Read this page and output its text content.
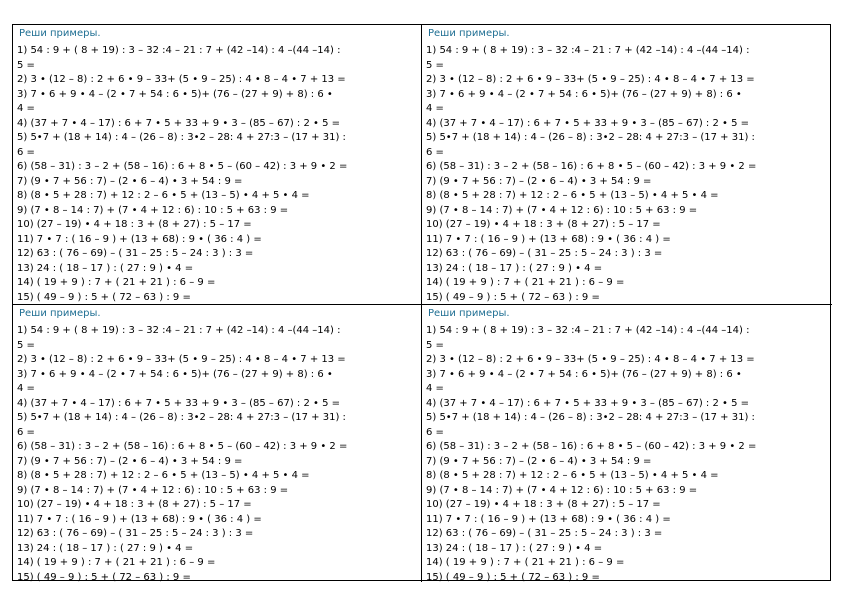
Реши примеры.
1) 54 : 9 + ( 8 + 19) : 3 – 32 :4 – 21 : 7 + (42 –14) : 4 –(44 –14) :
5 =
2) 3 • (12 – 8) : 2 + 6 • 9 – 33+ (5 • 9 – 25) : 4 • 8 – 4 • 7 + 13 =
3) 7 • 6 + 9 • 4 – (2 • 7 + 54 : 6 • 5)+ (76 – (27 + 9) + 8) : 6 •
4 =
4) (37 + 7 • 4 – 17) : 6 + 7 • 5 + 33 + 9 • 3 – (85 – 67) : 2 • 5 =
5) 5•7 + (18 + 14) : 4 – (26 – 8) : 3•2 – 28: 4 + 27:3 – (17 + 31) :
6 =
6) (58 – 31) : 3 – 2 + (58 – 16) : 6 + 8 • 5 – (60 – 42) : 3 + 9 • 2 =
7) (9 • 7 + 56 : 7) – (2 • 6 – 4) • 3 + 54 : 9 =
8) (8 • 5 + 28 : 7) + 12 : 2 – 6 • 5 + (13 – 5) • 4 + 5 • 4 =
9) (7 • 8 – 14 : 7) + (7 • 4 + 12 : 6) : 10 : 5 + 63 : 9 =
10) (27 – 19) • 4 + 18 : 3 + (8 + 27) : 5 – 17 =
11) 7 • 7 : ( 16 – 9 ) + (13 + 68) : 9 • ( 36 : 4 ) =
12) 63 : ( 76 – 69) – ( 31 – 25 : 5 – 24 : 3 ) : 3 =
13) 24 : ( 18 – 17 ) : ( 27 : 9 ) • 4 =
14) ( 19 + 9 ) : 7 + ( 21 + 21 ) : 6 – 9 =
15) ( 49 – 9 ) : 5 + ( 72 – 63 ) : 9 =
Реши примеры.
1) 54 : 9 + ( 8 + 19) : 3 – 32 :4 – 21 : 7 + (42 –14) : 4 –(44 –14) :
5 =
2) 3 • (12 – 8) : 2 + 6 • 9 – 33+ (5 • 9 – 25) : 4 • 8 – 4 • 7 + 13 =
3) 7 • 6 + 9 • 4 – (2 • 7 + 54 : 6 • 5)+ (76 – (27 + 9) + 8) : 6 •
4 =
4) (37 + 7 • 4 – 17) : 6 + 7 • 5 + 33 + 9 • 3 – (85 – 67) : 2 • 5 =
5) 5•7 + (18 + 14) : 4 – (26 – 8) : 3•2 – 28: 4 + 27:3 – (17 + 31) :
6 =
6) (58 – 31) : 3 – 2 + (58 – 16) : 6 + 8 • 5 – (60 – 42) : 3 + 9 • 2 =
7) (9 • 7 + 56 : 7) – (2 • 6 – 4) • 3 + 54 : 9 =
8) (8 • 5 + 28 : 7) + 12 : 2 – 6 • 5 + (13 – 5) • 4 + 5 • 4 =
9) (7 • 8 – 14 : 7) + (7 • 4 + 12 : 6) : 10 : 5 + 63 : 9 =
10) (27 – 19) • 4 + 18 : 3 + (8 + 27) : 5 – 17 =
11) 7 • 7 : ( 16 – 9 ) + (13 + 68) : 9 • ( 36 : 4 ) =
12) 63 : ( 76 – 69) – ( 31 – 25 : 5 – 24 : 3 ) : 3 =
13) 24 : ( 18 – 17 ) : ( 27 : 9 ) • 4 =
14) ( 19 + 9 ) : 7 + ( 21 + 21 ) : 6 – 9 =
15) ( 49 – 9 ) : 5 + ( 72 – 63 ) : 9 =
Реши примеры.
1) 54 : 9 + ( 8 + 19) : 3 – 32 :4 – 21 : 7 + (42 –14) : 4 –(44 –14) :
5 =
2) 3 • (12 – 8) : 2 + 6 • 9 – 33+ (5 • 9 – 25) : 4 • 8 – 4 • 7 + 13 =
3) 7 • 6 + 9 • 4 – (2 • 7 + 54 : 6 • 5)+ (76 – (27 + 9) + 8) : 6 •
4 =
4) (37 + 7 • 4 – 17) : 6 + 7 • 5 + 33 + 9 • 3 – (85 – 67) : 2 • 5 =
5) 5•7 + (18 + 14) : 4 – (26 – 8) : 3•2 – 28: 4 + 27:3 – (17 + 31) :
6 =
6) (58 – 31) : 3 – 2 + (58 – 16) : 6 + 8 • 5 – (60 – 42) : 3 + 9 • 2 =
7) (9 • 7 + 56 : 7) – (2 • 6 – 4) • 3 + 54 : 9 =
8) (8 • 5 + 28 : 7) + 12 : 2 – 6 • 5 + (13 – 5) • 4 + 5 • 4 =
9) (7 • 8 – 14 : 7) + (7 • 4 + 12 : 6) : 10 : 5 + 63 : 9 =
10) (27 – 19) • 4 + 18 : 3 + (8 + 27) : 5 – 17 =
11) 7 • 7 : ( 16 – 9 ) + (13 + 68) : 9 • ( 36 : 4 ) =
12) 63 : ( 76 – 69) – ( 31 – 25 : 5 – 24 : 3 ) : 3 =
13) 24 : ( 18 – 17 ) : ( 27 : 9 ) • 4 =
14) ( 19 + 9 ) : 7 + ( 21 + 21 ) : 6 – 9 =
15) ( 49 – 9 ) : 5 + ( 72 – 63 ) : 9 =
Реши примеры.
1) 54 : 9 + ( 8 + 19) : 3 – 32 :4 – 21 : 7 + (42 –14) : 4 –(44 –14) :
5 =
2) 3 • (12 – 8) : 2 + 6 • 9 – 33+ (5 • 9 – 25) : 4 • 8 – 4 • 7 + 13 =
3) 7 • 6 + 9 • 4 – (2 • 7 + 54 : 6 • 5)+ (76 – (27 + 9) + 8) : 6 •
4 =
4) (37 + 7 • 4 – 17) : 6 + 7 • 5 + 33 + 9 • 3 – (85 – 67) : 2 • 5 =
5) 5•7 + (18 + 14) : 4 – (26 – 8) : 3•2 – 28: 4 + 27:3 – (17 + 31) :
6 =
6) (58 – 31) : 3 – 2 + (58 – 16) : 6 + 8 • 5 – (60 – 42) : 3 + 9 • 2 =
7) (9 • 7 + 56 : 7) – (2 • 6 – 4) • 3 + 54 : 9 =
8) (8 • 5 + 28 : 7) + 12 : 2 – 6 • 5 + (13 – 5) • 4 + 5 • 4 =
9) (7 • 8 – 14 : 7) + (7 • 4 + 12 : 6) : 10 : 5 + 63 : 9 =
10) (27 – 19) • 4 + 18 : 3 + (8 + 27) : 5 – 17 =
11) 7 • 7 : ( 16 – 9 ) + (13 + 68) : 9 • ( 36 : 4 ) =
12) 63 : ( 76 – 69) – ( 31 – 25 : 5 – 24 : 3 ) : 3 =
13) 24 : ( 18 – 17 ) : ( 27 : 9 ) • 4 =
14) ( 19 + 9 ) : 7 + ( 21 + 21 ) : 6 – 9 =
15) ( 49 – 9 ) : 5 + ( 72 – 63 ) : 9 =
